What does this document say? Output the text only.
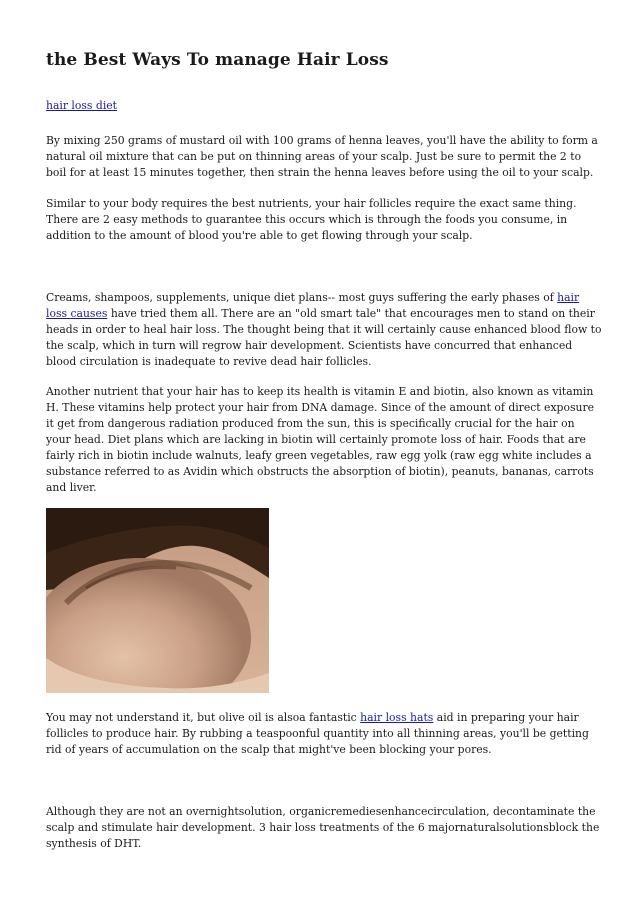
the Best Ways To manage Hair Loss

hair loss diet

By mixing 250 grams of mustard oil with 100 grams of henna leaves, you'll have the ability to form a natural oil mixture that can be put on thinning areas of your scalp. Just be sure to permit the 2 to boil for at least 15 minutes together, then strain the henna leaves before using the oil to your scalp.

Similar to your body requires the best nutrients, your hair follicles require the exact same thing. There are 2 easy methods to guarantee this occurs which is through the foods you consume, in addition to the amount of blood you're able to get flowing through your scalp.

Creams, shampoos, supplements, unique diet plans-- most guys suffering the early phases of hair loss causes have tried them all. There are an "old smart tale" that encourages men to stand on their heads in order to heal hair loss. The thought being that it will certainly cause enhanced blood flow to the scalp, which in turn will regrow hair development. Scientists have concurred that enhanced blood circulation is inadequate to revive dead hair follicles.

Another nutrient that your hair has to keep its health is vitamin E and biotin, also known as vitamin H. These vitamins help protect your hair from DNA damage. Since of the amount of direct exposure it get from dangerous radiation produced from the sun, this is specifically crucial for the hair on your head. Diet plans which are lacking in biotin will certainly promote loss of hair. Foods that are fairly rich in biotin include walnuts, leafy green vegetables, raw egg yolk (raw egg white includes a substance referred to as Avidin which obstructs the absorption of biotin), peanuts, bananas, carrots and liver.

You may not understand it, but olive oil is alsoa fantastic hair loss hats aid in preparing your hair follicles to produce hair. By rubbing a teaspoonful quantity into all thinning areas, you'll be getting rid of years of accumulation on the scalp that might've been blocking your pores.

Although they are not an overnightsolution, organicremediesenhancecirculation, decontaminate the scalp and stimulate hair development. 3 hair loss treatments of the 6 majornaturalsolutionsblock the synthesis of DHT.
